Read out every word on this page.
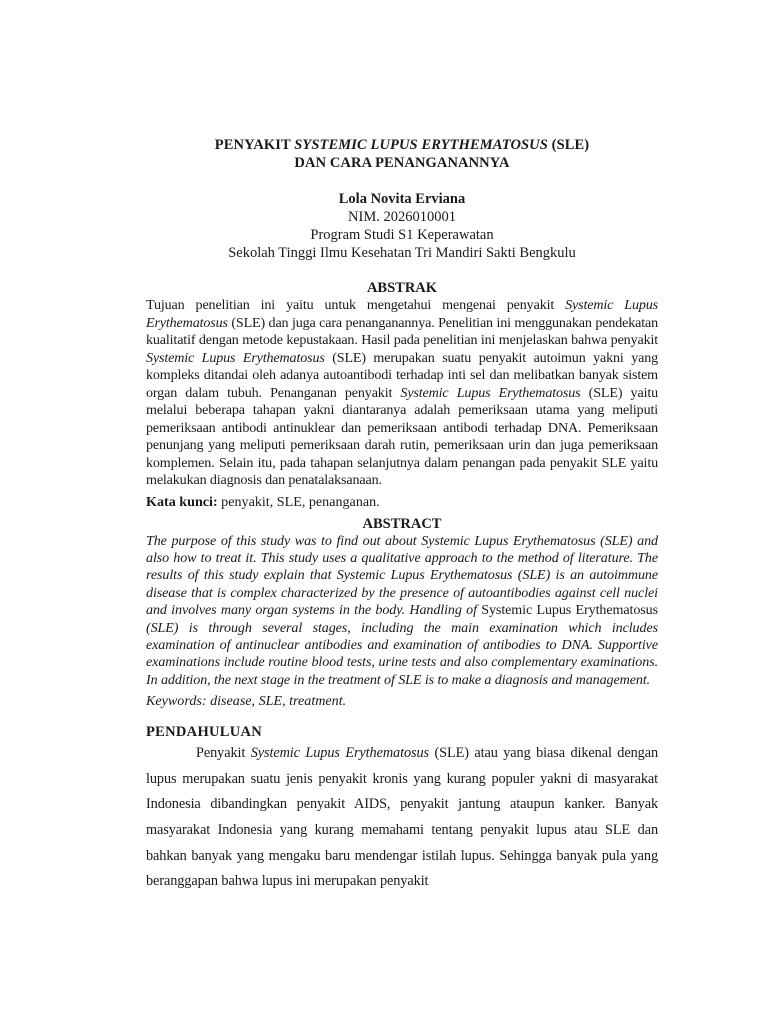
PENYAKIT SYSTEMIC LUPUS ERYTHEMATOSUS (SLE)
DAN CARA PENANGANANNYA
Lola Novita Erviana
NIM. 2026010001
Program Studi S1 Keperawatan
Sekolah Tinggi Ilmu Kesehatan Tri Mandiri Sakti Bengkulu
ABSTRAK
Tujuan penelitian ini yaitu untuk mengetahui mengenai penyakit Systemic Lupus Erythematosus (SLE) dan juga cara penanganannya. Penelitian ini menggunakan pendekatan kualitatif dengan metode kepustakaan. Hasil pada penelitian ini menjelaskan bahwa penyakit Systemic Lupus Erythematosus (SLE) merupakan suatu penyakit autoimun yakni yang kompleks ditandai oleh adanya autoantibodi terhadap inti sel dan melibatkan banyak sistem organ dalam tubuh. Penanganan penyakit Systemic Lupus Erythematosus (SLE) yaitu melalui beberapa tahapan yakni diantaranya adalah pemeriksaan utama yang meliputi pemeriksaan antibodi antinuklear dan pemeriksaan antibodi terhadap DNA. Pemeriksaan penunjang yang meliputi pemeriksaan darah rutin, pemeriksaan urin dan juga pemeriksaan komplemen. Selain itu, pada tahapan selanjutnya dalam penangan pada penyakit SLE yaitu melakukan diagnosis dan penatalaksanaan.
Kata kunci: penyakit, SLE, penanganan.
ABSTRACT
The purpose of this study was to find out about Systemic Lupus Erythematosus (SLE) and also how to treat it. This study uses a qualitative approach to the method of literature. The results of this study explain that Systemic Lupus Erythematosus (SLE) is an autoimmune disease that is complex characterized by the presence of autoantibodies against cell nuclei and involves many organ systems in the body. Handling of Systemic Lupus Erythematosus (SLE) is through several stages, including the main examination which includes examination of antinuclear antibodies and examination of antibodies to DNA. Supportive examinations include routine blood tests, urine tests and also complementary examinations. In addition, the next stage in the treatment of SLE is to make a diagnosis and management.
Keywords: disease, SLE, treatment.
PENDAHULUAN
Penyakit Systemic Lupus Erythematosus (SLE) atau yang biasa dikenal dengan lupus merupakan suatu jenis penyakit kronis yang kurang populer yakni di masyarakat Indonesia dibandingkan penyakit AIDS, penyakit jantung ataupun kanker. Banyak masyarakat Indonesia yang kurang memahami tentang penyakit lupus atau SLE dan bahkan banyak yang mengaku baru mendengar istilah lupus. Sehingga banyak pula yang beranggapan bahwa lupus ini merupakan penyakit
